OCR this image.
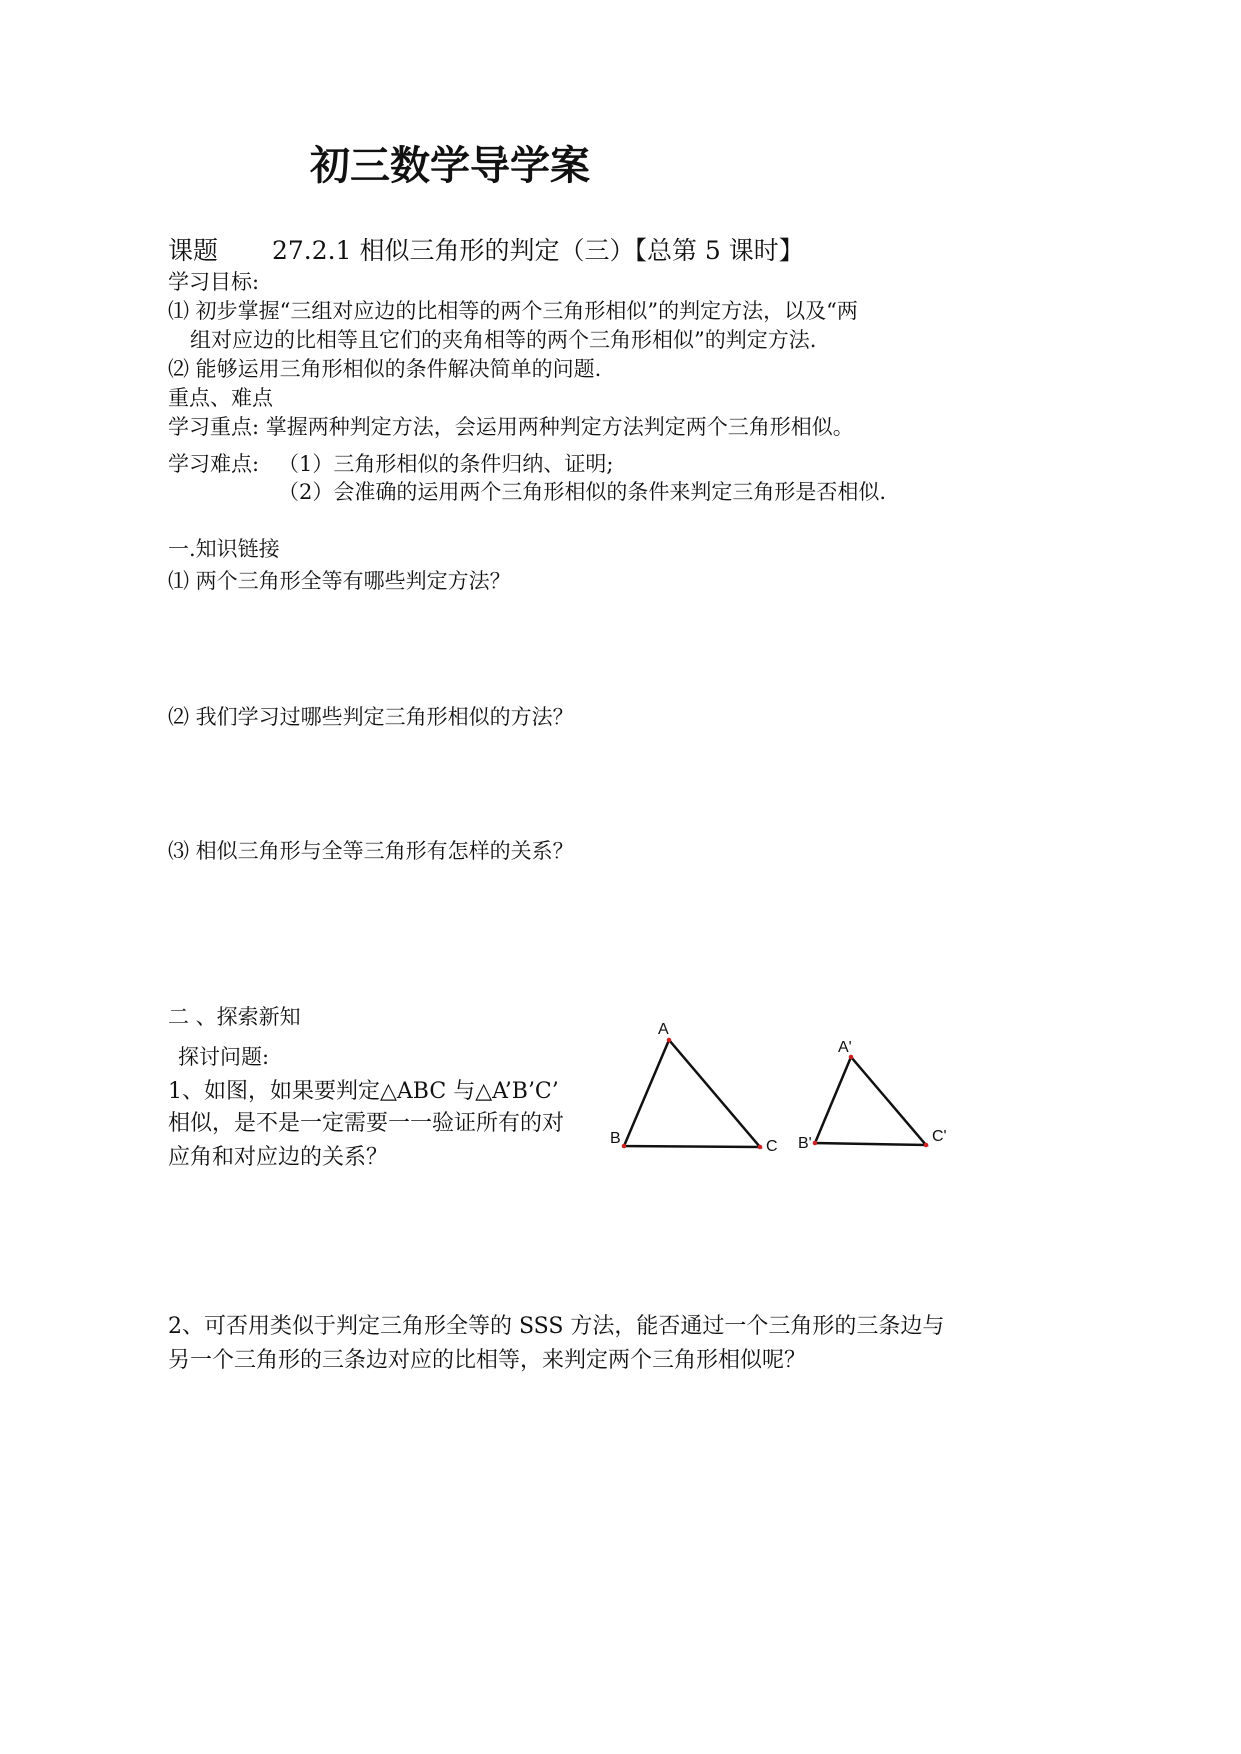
初三数学导学案
课题 27.2.1 相似三角形的判定（三）【总第 5 课时】
学习目标:
⑴ 初步掌握“三组对应边的比相等的两个三角形相似”的判定方法，以及“两
组对应边的比相等且它们的夹角相等的两个三角形相似”的判定方法.
⑵ 能够运用三角形相似的条件解决简单的问题.
重点、难点
学习重点: 掌握两种判定方法，会运用两种判定方法判定两个三角形相似。
学习难点: （1）三角形相似的条件归纳、证明;
（2）会准确的运用两个三角形相似的条件来判定三角形是否相似.
一.知识链接
⑴ 两个三角形全等有哪些判定方法？
⑵ 我们学习过哪些判定三角形相似的方法？
⑶ 相似三角形与全等三角形有怎样的关系？
二 、探索新知
探讨问题:
1、如图，如果要判定△ABC 与△A’B’C’
相似，是不是一定需要一一验证所有的对
应角和对应边的关系？
2、可否用类似于判定三角形全等的 SSS 方法，能否通过一个三角形的三条边与
另一个三角形的三条边对应的比相等，来判定两个三角形相似呢？
A
B	C
A'
B'	C'
